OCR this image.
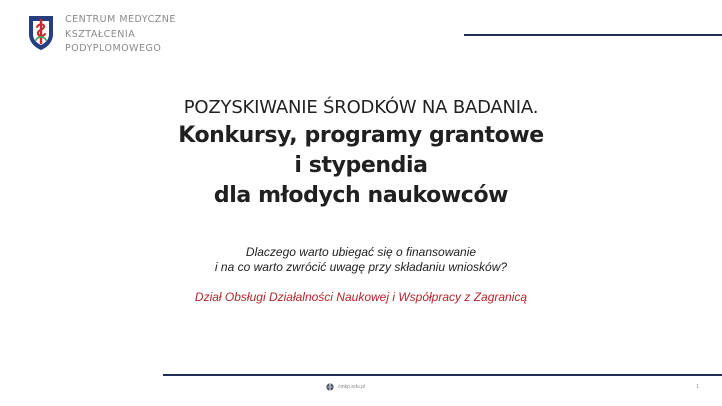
CENTRUM MEDYCZNE
KSZTAŁCENIA
PODYPLOMOWEGO
POZYSKIWANIE ŚRODKÓW NA BADANIA.
Konkursy, programy grantowe
i stypendia
dla młodych naukowców
Dlaczego warto ubiegać się o finansowanie
i na co warto zwrócić uwagę przy składaniu wniosków?
Dział Obsługi Działalności Naukowej i Współpracy z Zagranicą
cmkp.edu.pl	1
